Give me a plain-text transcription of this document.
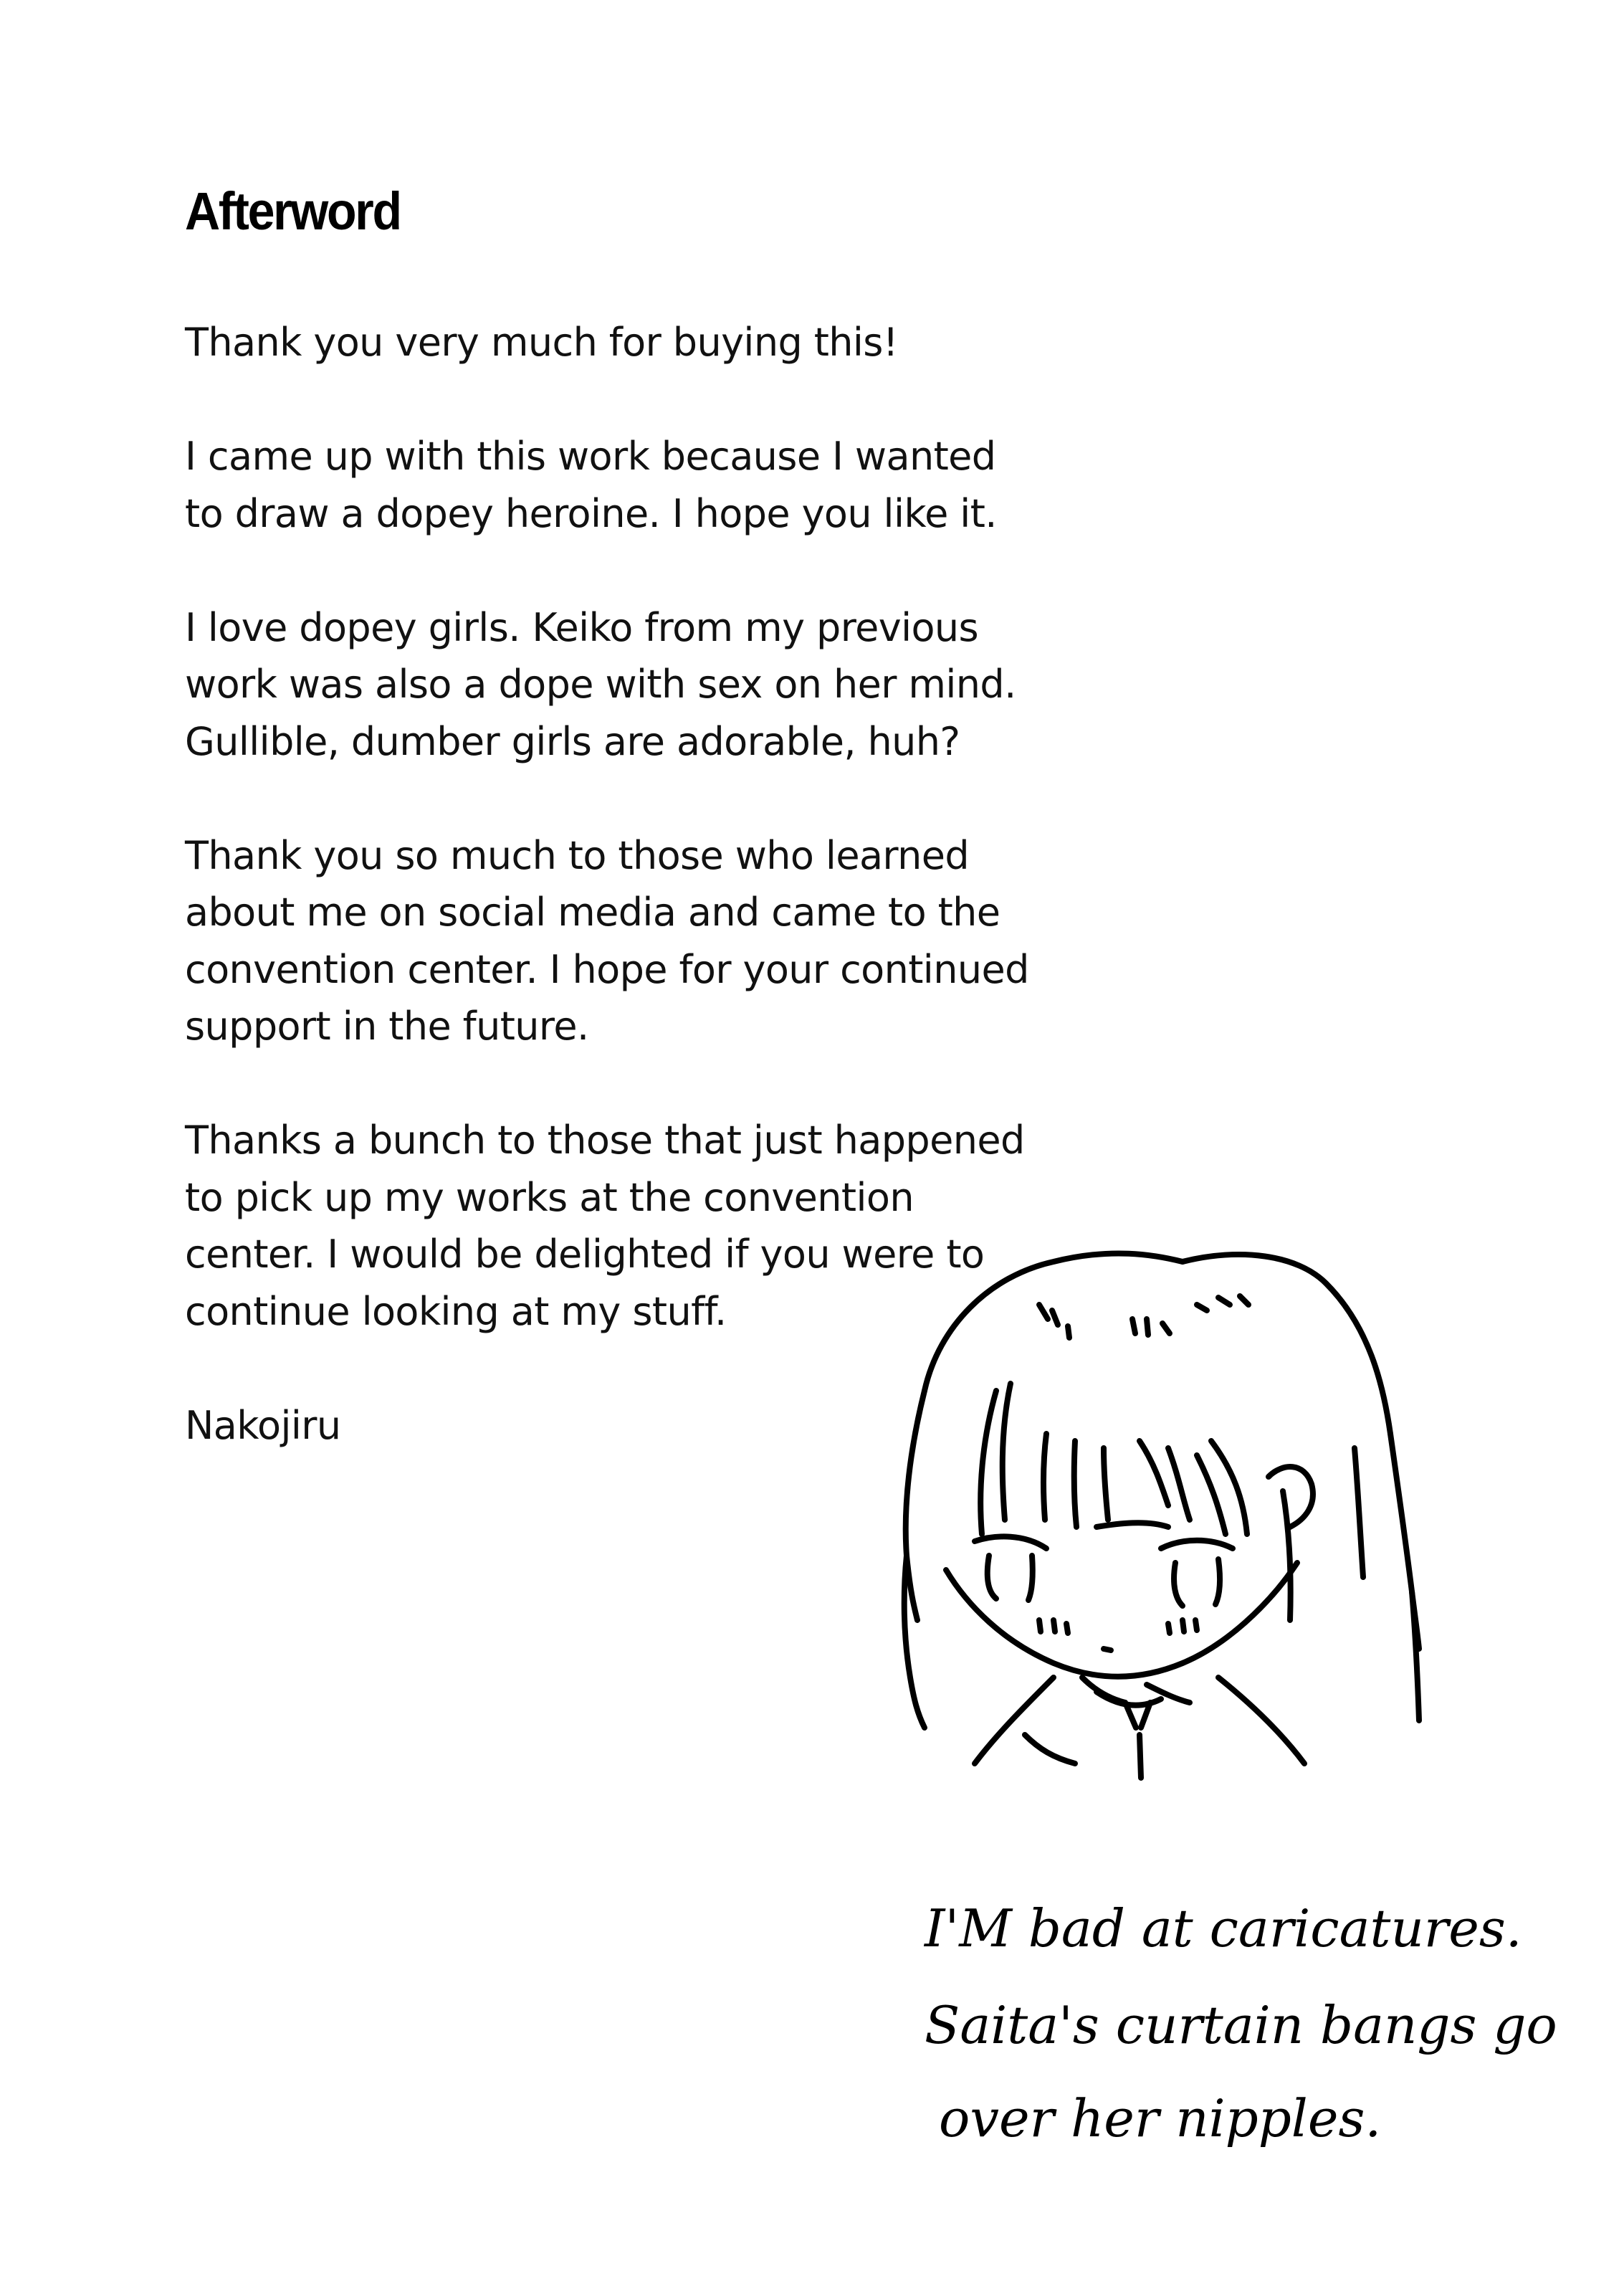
Afterword

Thank you very much for buying this!

I came up with this work because I wanted
to draw a dopey heroine. I hope you like it.

I love dopey girls. Keiko from my previous
work was also a dope with sex on her mind.
Gullible, dumber girls are adorable, huh?

Thank you so much to those who learned
about me on social media and came to the
convention center. I hope for your continued
support in the future.

Thanks a bunch to those that just happened
to pick up my works at the convention
center. I would be delighted if you were to
continue looking at my stuff.

Nakojiru

I'M bad at caricatures.
Saita's curtain bangs go
over her nipples.
